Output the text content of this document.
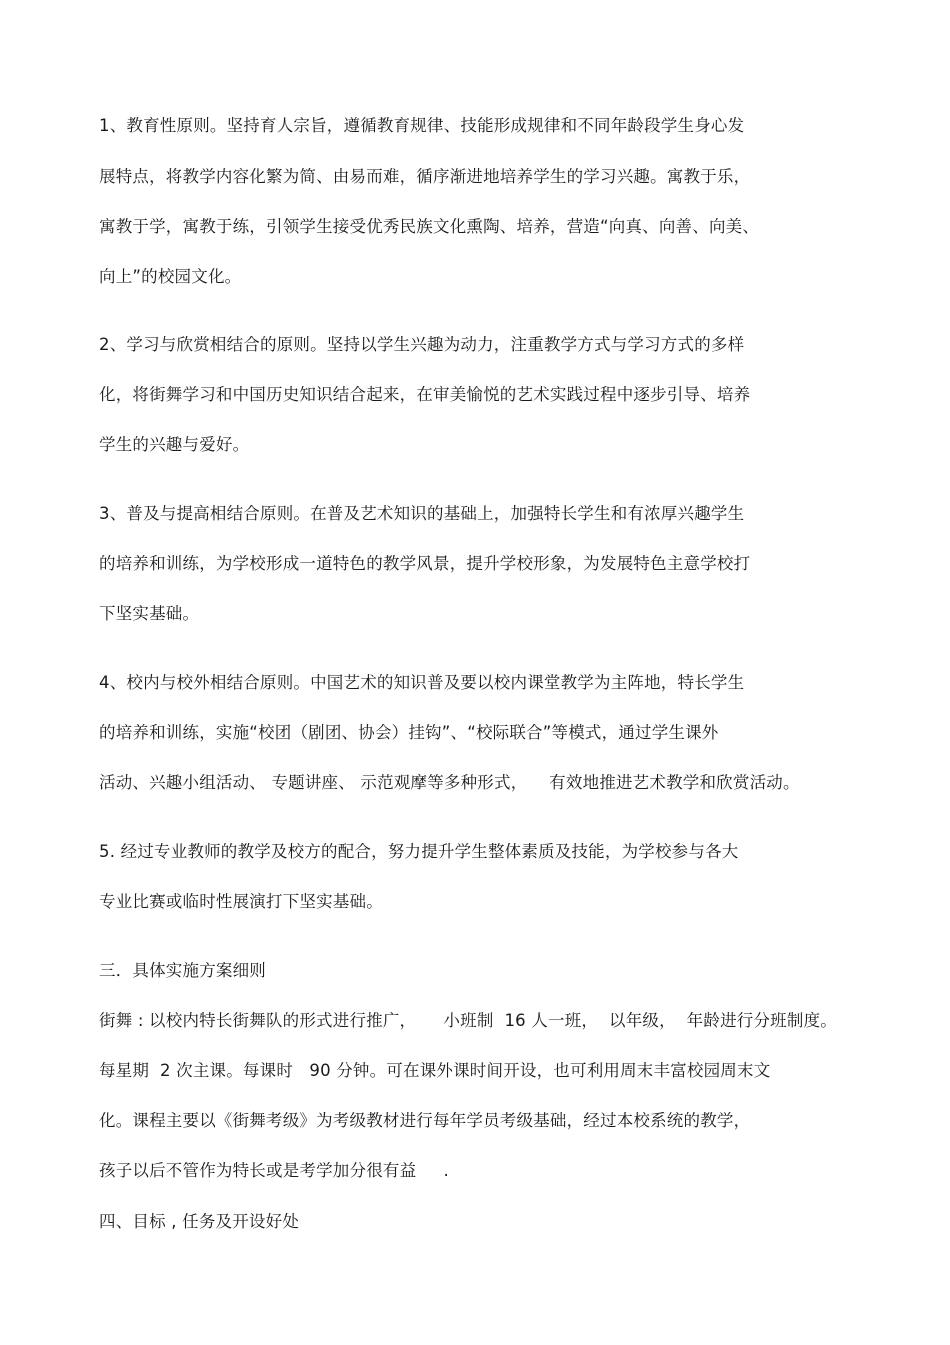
1、教育性原则。坚持育人宗旨，遵循教育规律、技能形成规律和不同年龄段学生身心发
展特点，将教学内容化繁为简、由易而难，循序渐进地培养学生的学习兴趣。寓教于乐，
寓教于学，寓教于练，引领学生接受优秀民族文化熏陶、培养，营造“向真、向善、向美、
向上”的校园文化。
2、学习与欣赏相结合的原则。坚持以学生兴趣为动力，注重教学方式与学习方式的多样
化，将街舞学习和中国历史知识结合起来，在审美愉悦的艺术实践过程中逐步引导、培养
学生的兴趣与爱好。
3、普及与提高相结合原则。在普及艺术知识的基础上，加强特长学生和有浓厚兴趣学生
的培养和训练，为学校形成一道特色的教学风景，提升学校形象，为发展特色主意学校打
下坚实基础。
4、校内与校外相结合原则。中国艺术的知识普及要以校内课堂教学为主阵地，特长学生
的培养和训练，实施“校团（剧团、协会）挂钩”、“校际联合”等模式，通过学生课外
活动、兴趣小组活动、 专题讲座、 示范观摩等多种形式，    有效地推进艺术教学和欣赏活动。
5. 经过专业教师的教学及校方的配合，努力提升学生整体素质及技能，为学校参与各大
专业比赛或临时性展演打下坚实基础。
三．具体实施方案细则
街舞 : 以校内特长街舞队的形式进行推广，     小班制  16 人一班，  以年级，  年龄进行分班制度。
每星期  2 次主课。每课时   90 分钟。可在课外课时间开设，也可利用周末丰富校园周末文
化。课程主要以《街舞考级》为考级教材进行每年学员考级基础，经过本校系统的教学，
孩子以后不管作为特长或是考学加分很有益     .
四、目标 , 任务及开设好处
